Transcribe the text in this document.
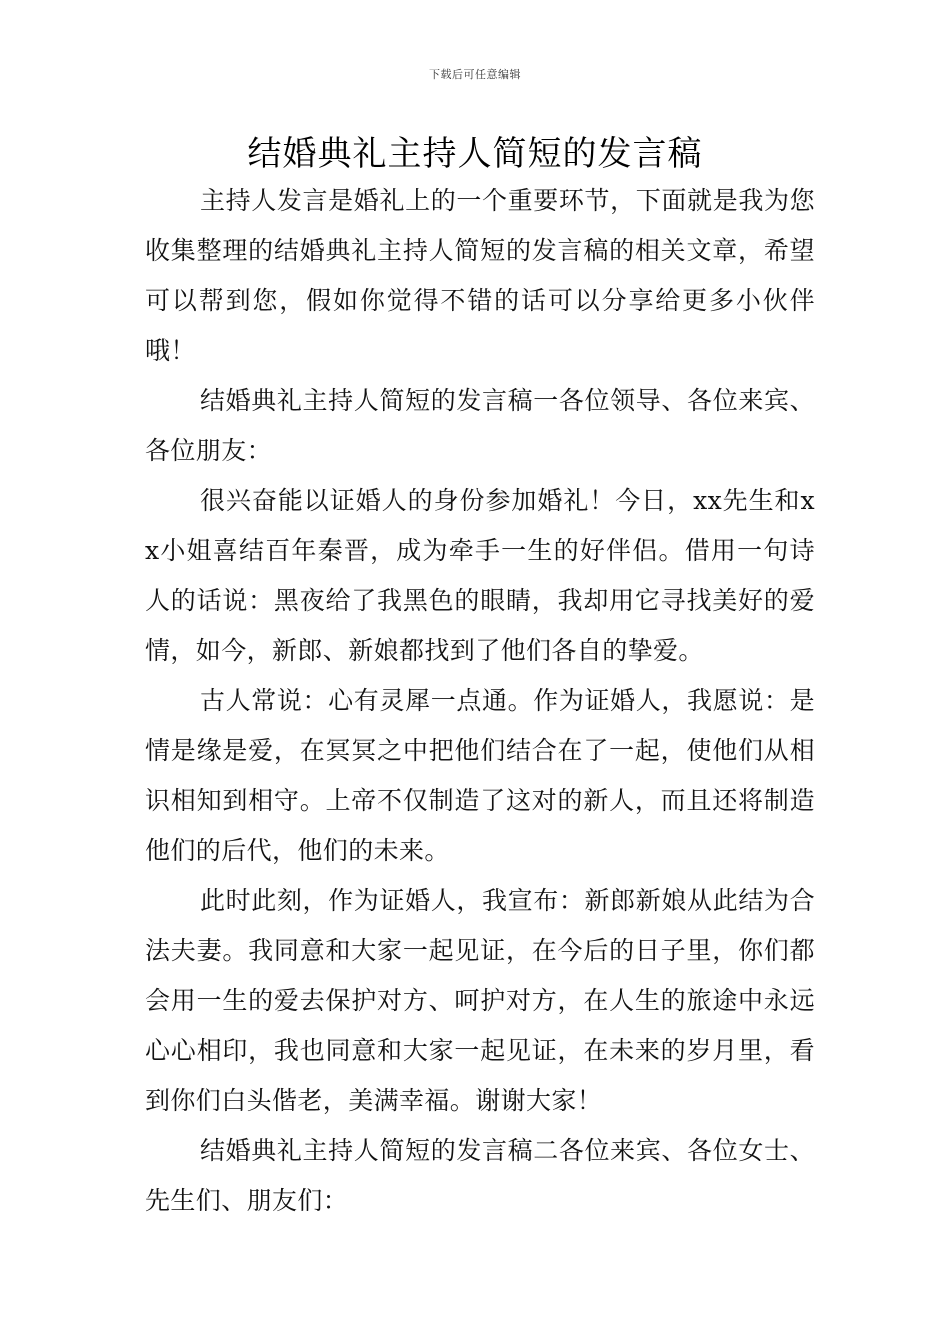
下载后可任意编辑
结婚典礼主持人简短的发言稿

主持人发言是婚礼上的一个重要环节，下面就是我为您收集整理的结婚典礼主持人简短的发言稿的相关文章，希望可以帮到您，假如你觉得不错的话可以分享给更多小伙伴哦！

结婚典礼主持人简短的发言稿一各位领导、各位来宾、各位朋友：

很兴奋能以证婚人的身份参加婚礼！今日，xx先生和xx小姐喜结百年秦晋，成为牵手一生的好伴侣。借用一句诗人的话说：黑夜给了我黑色的眼睛，我却用它寻找美好的爱情，如今，新郎、新娘都找到了他们各自的挚爱。

古人常说：心有灵犀一点通。作为证婚人，我愿说：是情是缘是爱，在冥冥之中把他们结合在了一起，使他们从相识相知到相守。上帝不仅制造了这对的新人，而且还将制造他们的后代，他们的未来。

此时此刻，作为证婚人，我宣布：新郎新娘从此结为合法夫妻。我同意和大家一起见证，在今后的日子里，你们都会用一生的爱去保护对方、呵护对方，在人生的旅途中永远心心相印，我也同意和大家一起见证，在未来的岁月里，看到你们白头偕老，美满幸福。谢谢大家！

结婚典礼主持人简短的发言稿二各位来宾、各位女士、先生们、朋友们：
